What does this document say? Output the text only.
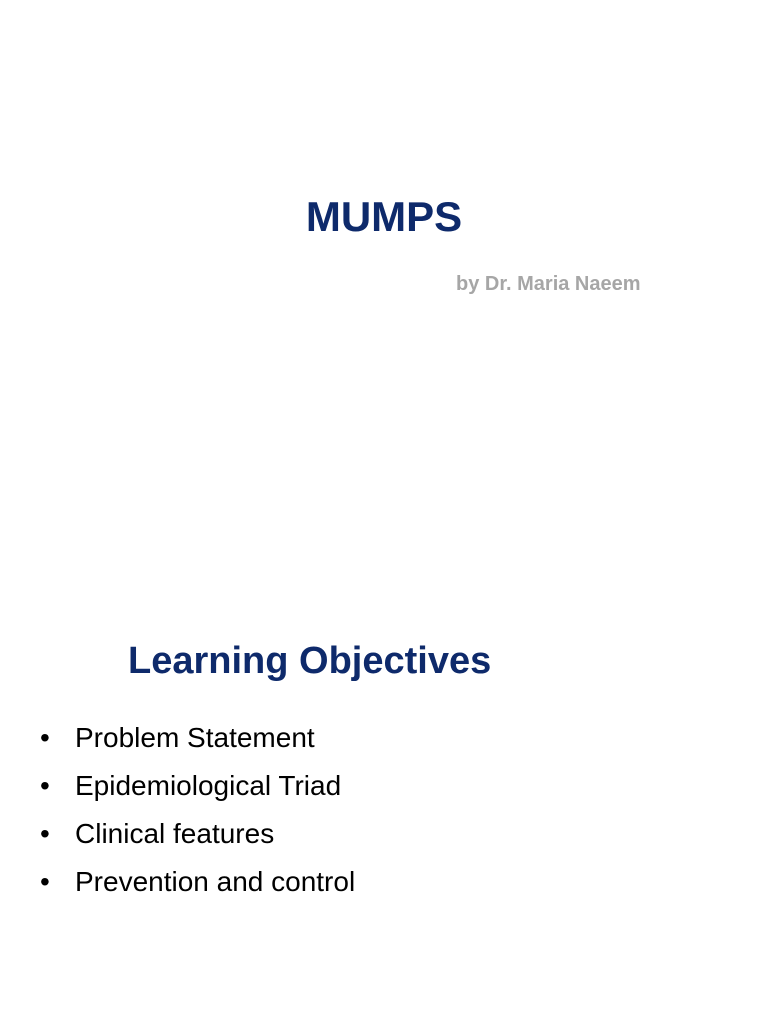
MUMPS
by Dr. Maria Naeem
Learning Objectives
• Problem Statement
• Epidemiological Triad
• Clinical features
• Prevention and control
